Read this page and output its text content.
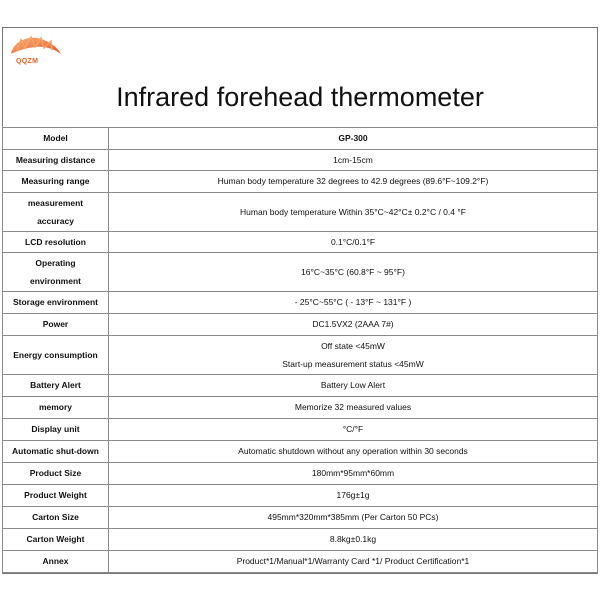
QQZM
Infrared forehead thermometer
Model	GP-300
Measuring distance	1cm-15cm
Measuring range	Human body temperature 32 degrees to 42.9 degrees (89.6°F~109.2°F)

measurement
accuracy	Human body temperature Within 35°C~42°C± 0.2°C / 0.4 °F
LCD resolution	0.1°C/0.1°F

Operating
environment	16°C~35°C (60.8°F ~ 95°F)
Storage environment	- 25°C~55°C ( - 13°F ~ 131°F )
Power	DC1.5VX2 (2AAA 7#)
Energy consumption	Off state <45mW
Start-up measurement status <45mW

Battery Alert	Battery Low Alert
memory	Memorize 32 measured values
Display unit	°C/°F
Automatic shut-down	Automatic shutdown without any operation within 30 seconds
Product Size	180mm*95mm*60mm
Product Weight	176g±1g
Carton Size	495mm*320mm*385mm (Per Carton 50 PCs)
Carton Weight	8.8kg±0.1kg
Annex	Product*1/Manual*1/Warranty Card *1/ Product Certification*1
